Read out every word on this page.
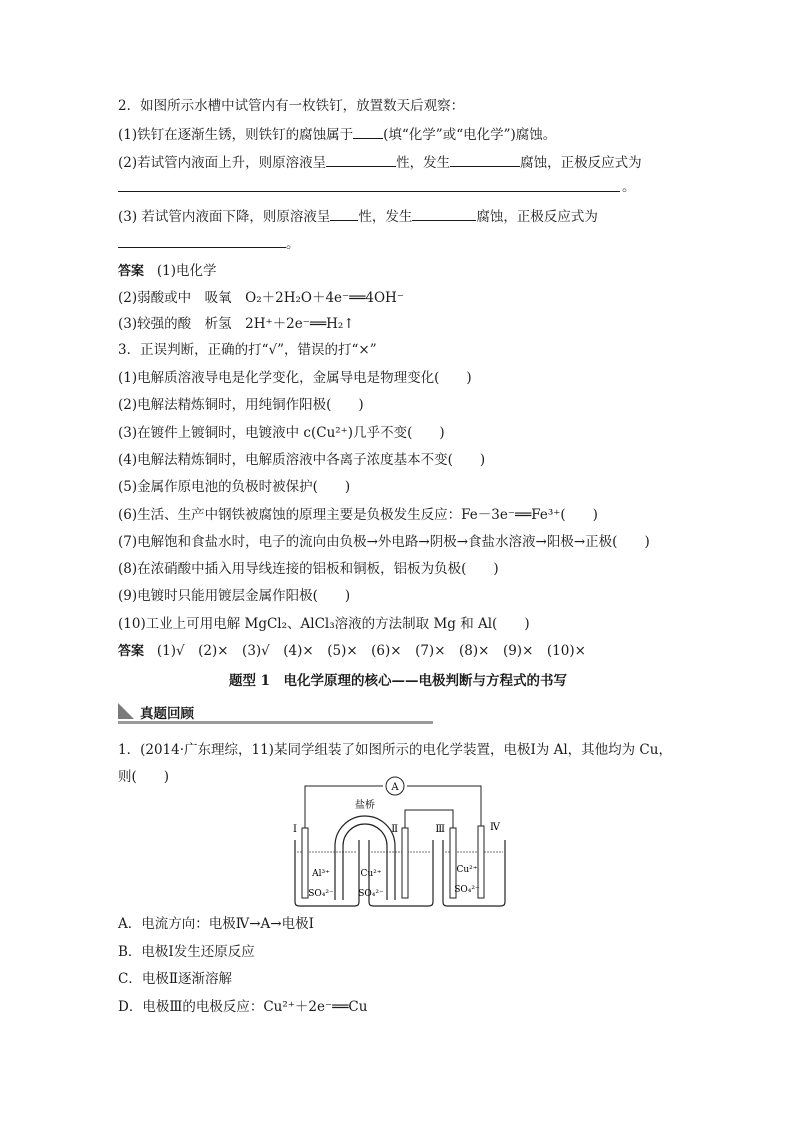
2．如图所示水槽中试管内有一枚铁钉，放置数天后观察：
(1)铁钉在逐渐生锈，则铁钉的腐蚀属于 (填“化学”或“电化学”)腐蚀。
(2)若试管内液面上升，则原溶液呈	性，发生	腐蚀，正极反应式为
。
(3) 若试管内液面下降，则原溶液呈 性，发生	腐蚀，正极反应式为
。
答案 (1)电化学
(2)弱酸或中　吸氧　O₂＋2H₂O＋4e⁻══4OH⁻
(3)较强的酸　析氢　2H⁺＋2e⁻══H₂↑
3．正误判断，正确的打“√”，错误的打“×”
(1)电解质溶液导电是化学变化，金属导电是物理变化(　　)
(2)电解法精炼铜时，用纯铜作阳极(　　)
(3)在镀件上镀铜时，电镀液中 c(Cu²⁺)几乎不变(　　)
(4)电解法精炼铜时，电解质溶液中各离子浓度基本不变(　　)
(5)金属作原电池的负极时被保护(　　)
(6)生活、生产中钢铁被腐蚀的原理主要是负极发生反应：Fe－3e⁻══Fe³⁺(　　)
(7)电解饱和食盐水时，电子的流向由负极→外电路→阴极→食盐水溶液→阳极→正极(　　)
(8)在浓硝酸中插入用导线连接的铝板和铜板，铝板为负极(　　)
(9)电镀时只能用镀层金属作阳极(　　)
(10)工业上可用电解 MgCl₂、AlCl₃溶液的方法制取 Mg 和 Al(　　)
答案 (1)√　(2)×　(3)√　(4)×　(5)×　(6)×　(7)×　(8)×　(9)×　(10)×
题型 1　电化学原理的核心——电极判断与方程式的书写
真题回顾
1．(2014·广东理综，11)某同学组装了如图所示的电化学装置，电极Ⅰ为 Al，其他均为 Cu，
则(　　)
A
盐桥
Ⅰ	Ⅱ	Ⅲ	Ⅳ
Al³⁺
SO₄²⁻
Cu²⁺
SO₄²⁻
Cu²⁺
SO₄²⁻
A．电流方向：电极Ⅳ→A→电极Ⅰ
B．电极Ⅰ发生还原反应
C．电极Ⅱ逐渐溶解
D．电极Ⅲ的电极反应：Cu²⁺＋2e⁻══Cu
